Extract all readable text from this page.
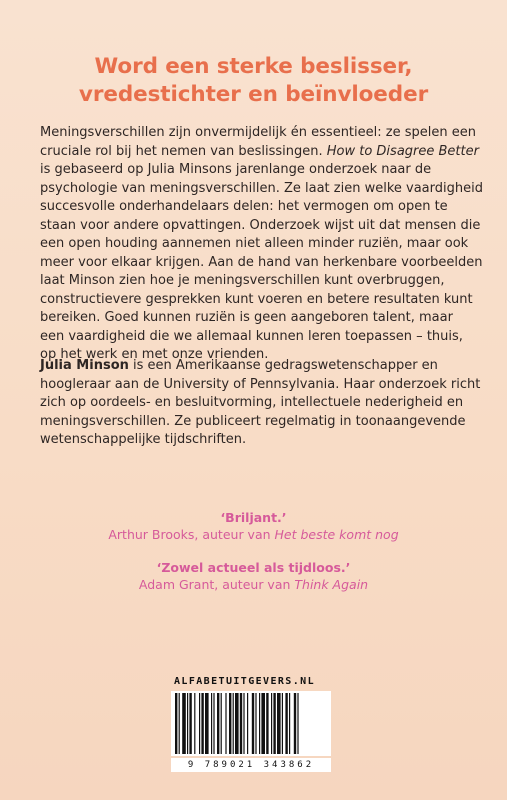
Word een sterke beslisser,
vredestichter en beïnvloeder
Meningsverschillen zijn onvermijdelijk én essentieel: ze spelen een
cruciale rol bij het nemen van beslissingen. How to Disagree Better
is gebaseerd op Julia Minsons jarenlange onderzoek naar de
psychologie van meningsverschillen. Ze laat zien welke vaardigheid
succesvolle onderhandelaars delen: het vermogen om open te
staan voor andere opvattingen. Onderzoek wijst uit dat mensen die
een open houding aannemen niet alleen minder ruziën, maar ook
meer voor elkaar krijgen. Aan de hand van herkenbare voorbeelden
laat Minson zien hoe je meningsverschillen kunt overbruggen,
constructievere gesprekken kunt voeren en betere resultaten kunt
bereiken. Goed kunnen ruziën is geen aangeboren talent, maar
een vaardigheid die we allemaal kunnen leren toepassen – thuis,
op het werk en met onze vrienden.
Julia Minson is een Amerikaanse gedragswetenschapper en
hoogleraar aan de University of Pennsylvania. Haar onderzoek richt
zich op oordeels- en besluitvorming, intellectuele nederigheid en
meningsverschillen. Ze publiceert regelmatig in toonaangevende
wetenschappelijke tijdschriften.
‘Briljant.’
Arthur Brooks, auteur van Het beste komt nog
‘Zowel actueel als tijdloos.’
Adam Grant, auteur van Think Again
ALFABETUITGEVERS.NL
9 789021 343862
